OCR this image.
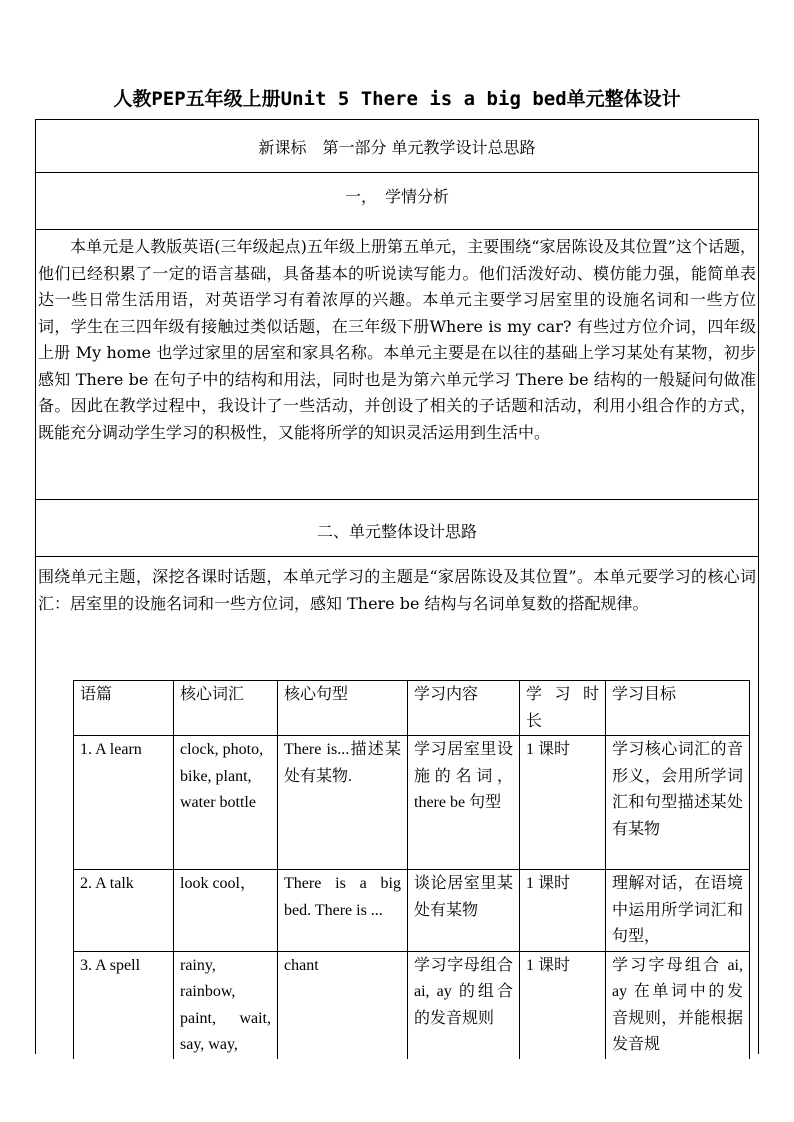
人教PEP五年级上册Unit 5 There is a big bed单元整体设计
新课标　第一部分 单元教学设计总思路
一，　学情分析
　　本单元是人教版英语(三年级起点)五年级上册第五单元，主要围绕“家居陈设及其位置”这个话题，他们已经积累了一定的语言基础，具备基本的听说读写能力。他们活泼好动、模仿能力强，能简单表达一些日常生活用语，对英语学习有着浓厚的兴趣。本单元主要学习居室里的设施名词和一些方位词，学生在三四年级有接触过类似话题，在三年级下册Where is my car? 有些过方位介词，四年级上册 My home 也学过家里的居室和家具名称。本单元主要是在以往的基础上学习某处有某物，初步感知 There be 在句子中的结构和用法，同时也是为第六单元学习 There be 结构的一般疑问句做准备。因此在教学过程中，我设计了一些活动，并创设了相关的子话题和活动，利用小组合作的方式，既能充分调动学生学习的积极性，又能将所学的知识灵活运用到生活中。
二、单元整体设计思路
围绕单元主题，深挖各课时话题，本单元学习的主题是“家居陈设及其位置”。本单元要学习的核心词汇：居室里的设施名词和一些方位词，感知 There be 结构与名词单复数的搭配规律。
语篇	核心词汇	核心句型	学习内容	学 习 时 长	学习目标
1. A learn	clock, photo, bike, plant, water bottle	There is...描述某处有某物.	学习居室里设施的名词，there be 句型	1 课时	学习核心词汇的音形义，会用所学词汇和句型描述某处有某物
2. A talk	look cool，	There is a big bed. There is ...	谈论居室里某处有某物	1 课时	理解对话，在语境中运用所学词汇和句型，
3. A spell	rainy, rainbow, paint, wait, say, way,	chant	学习字母组合 ai, ay 的组合的发音规则	1 课时	学习字母组合 ai, ay 在单词中的发音规则，并能根据发音规
